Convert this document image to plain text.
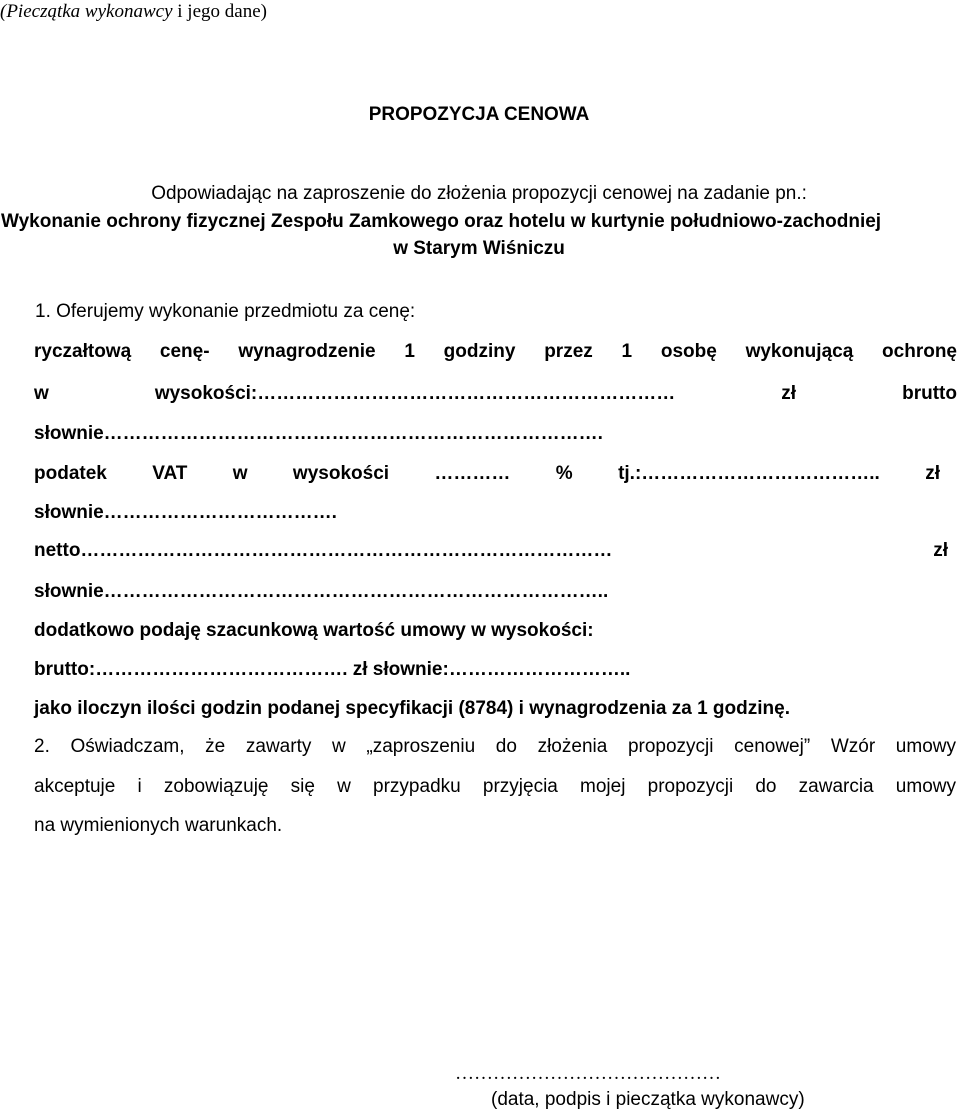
(Pieczątka wykonawcy i jego dane)

PROPOZYCJA CENOWA

Odpowiadając na zaproszenie do złożenia propozycji cenowej na zadanie pn.:

Wykonanie ochrony fizycznej Zespołu Zamkowego oraz hotelu w kurtynie południowo-zachodniej

w Starym Wiśniczu

1. Oferujemy wykonanie przedmiotu za cenę:

ryczałtową cenę- wynagrodzenie 1 godziny przez 1 osobę wykonującą ochronę

w wysokości:………………………………………………………… zł brutto

słownie…………………………………………………………………….

podatek VAT w wysokości ………… % tj.:……………………………….. zł

słownie……………………………….

netto………………………………………………………………………… zł

słownie……………………………………………………………………..

dodatkowo podaję szacunkową wartość umowy w wysokości:

brutto:…………………………………. zł słownie:………………………..

jako iloczyn ilości godzin podanej specyfikacji (8784) i wynagrodzenia za 1 godzinę.

2. Oświadczam, że zawarty w „zaproszeniu do złożenia propozycji cenowej” Wzór umowy

akceptuje i zobowiązuję się w przypadku przyjęcia mojej propozycji do zawarcia umowy

na wymienionych warunkach.

……………………………………

(data, podpis i pieczątka wykonawcy)
